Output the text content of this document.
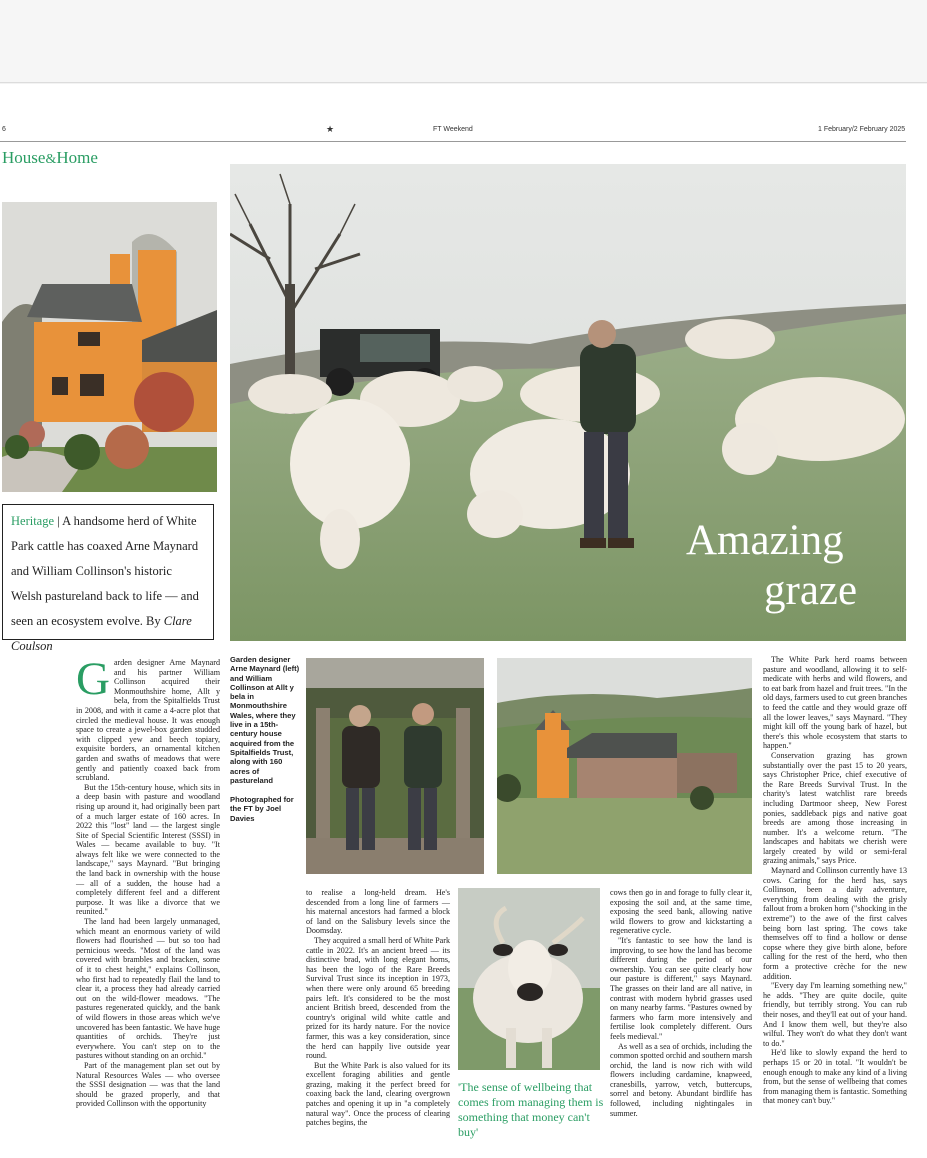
6	★	FT Weekend	1 February/2 February 2025
House&Home
Heritage | A handsome herd of White Park cattle has coaxed Arne Maynard and William Collinson's historic Welsh pastureland back to life — and seen an ecosystem evolve. By Clare Coulson
Amazing
graze

Garden designer Arne Maynard and his partner William Collinson acquired their Monmouthshire home, Allt y bela, from the Spitalfields Trust in 2008, and with it came a 4-acre plot that circled the medieval house. It was enough space to create a jewel-box garden studded with clipped yew and beech topiary, exquisite borders, an ornamental kitchen garden and swaths of meadows that were gently and patiently coaxed back from scrubland.

But the 15th-century house, which sits in a deep basin with pasture and woodland rising up around it, had originally been part of a much larger estate of 160 acres. In 2022 this "lost" land — the largest single Site of Special Scientific Interest (SSSI) in Wales — became available to buy. "It always felt like we were connected to the landscape," says Maynard. "But bringing the land back in ownership with the house — all of a sudden, the house had a completely different feel and a different purpose. It was like a divorce that we reunited."

The land had been largely unmanaged, which meant an enormous variety of wild flowers had flourished — but so too had pernicious weeds. "Most of the land was covered with brambles and bracken, some of it to chest height," explains Collinson, who first had to repeatedly flail the land to clear it, a process they had already carried out on the wild-flower meadows. "The pastures regenerated quickly, and the bank of wild flowers in those areas which we've uncovered has been fantastic. We have huge quantities of orchids. They're just everywhere. You can't step on to the pastures without standing on an orchid."

Part of the management plan set out by Natural Resources Wales — who oversee the SSSI designation — was that the land should be grazed properly, and that provided Collinson with the opportunity

Garden designer Arne Maynard (left) and William Collinson at Allt y bela in Monmouthshire Wales, where they live in a 15th-century house acquired from the Spitalfields Trust, along with 160 acres of pastureland
Photographed for the FT by Joel Davies

to realise a long-held dream. He's descended from a long line of farmers — his maternal ancestors had farmed a block of land on the Salisbury levels since the Doomsday.

They acquired a small herd of White Park cattle in 2022. It's an ancient breed — its distinctive brad, with long elegant horns, has been the logo of the Rare Breeds Survival Trust since its inception in 1973, when there were only around 65 breeding pairs left. It's considered to be the most ancient British breed, descended from the country's original wild white cattle and prized for its hardy nature. For the novice farmer, this was a key consideration, since the herd can happily live outside year round.

But the White Park is also valued for its excellent foraging abilities and gentle grazing, making it the perfect breed for coaxing back the land, clearing overgrown patches and opening it up in "a completely natural way". Once the process of clearing patches begins, the

'The sense of wellbeing that comes from managing them is something that money can't buy'

cows then go in and forage to fully clear it, exposing the soil and, at the same time, exposing the seed bank, allowing native wild flowers to grow and kickstarting a regenerative cycle.

"It's fantastic to see how the land is improving, to see how the land has become different during the period of our ownership. You can see quite clearly how our pasture is different," says Maynard. The grasses on their land are all native, in contrast with modern hybrid grasses used on many nearby farms. "Pastures owned by farmers who farm more intensively and fertilise look completely different. Ours feels medieval."

As well as a sea of orchids, including the common spotted orchid and southern marsh orchid, the land is now rich with wild flowers including cardamine, knapweed, cranesbills, yarrow, vetch, buttercups, sorrel and betony. Abundant birdlife has followed, including nightingales in summer.

The White Park herd roams between pasture and woodland, allowing it to self-medicate with herbs and wild flowers, and to eat bark from hazel and fruit trees. "In the old days, farmers used to cut green branches to feed the cattle and they would graze off all the lower leaves," says Maynard. "They might kill off the young bark of hazel, but there's this whole ecosystem that starts to happen."

Conservation grazing has grown substantially over the past 15 to 20 years, says Christopher Price, chief executive of the Rare Breeds Survival Trust. In the charity's latest watchlist rare breeds including Dartmoor sheep, New Forest ponies, saddleback pigs and native goat breeds are among those increasing in number. It's a welcome return. "The landscapes and habitats we cherish were largely created by wild or semi-feral grazing animals," says Price.

Maynard and Collinson currently have 13 cows. Caring for the herd has, says Collinson, been a daily adventure, everything from dealing with the grisly fallout from a broken horn ("shocking in the extreme") to the awe of the first calves being born last spring. The cows take themselves off to find a hollow or dense copse where they give birth alone, before calling for the rest of the herd, who then form a protective crèche for the new addition.

"Every day I'm learning something new," he adds. "They are quite docile, quite friendly, but terribly strong. You can rub their noses, and they'll eat out of your hand. And I know them well, but they're also wilful. They won't do what they don't want to do."

He'd like to slowly expand the herd to perhaps 15 or 20 in total. "It wouldn't be enough enough to make any kind of a living from, but the sense of wellbeing that comes from managing them is fantastic. Something that money can't buy."
